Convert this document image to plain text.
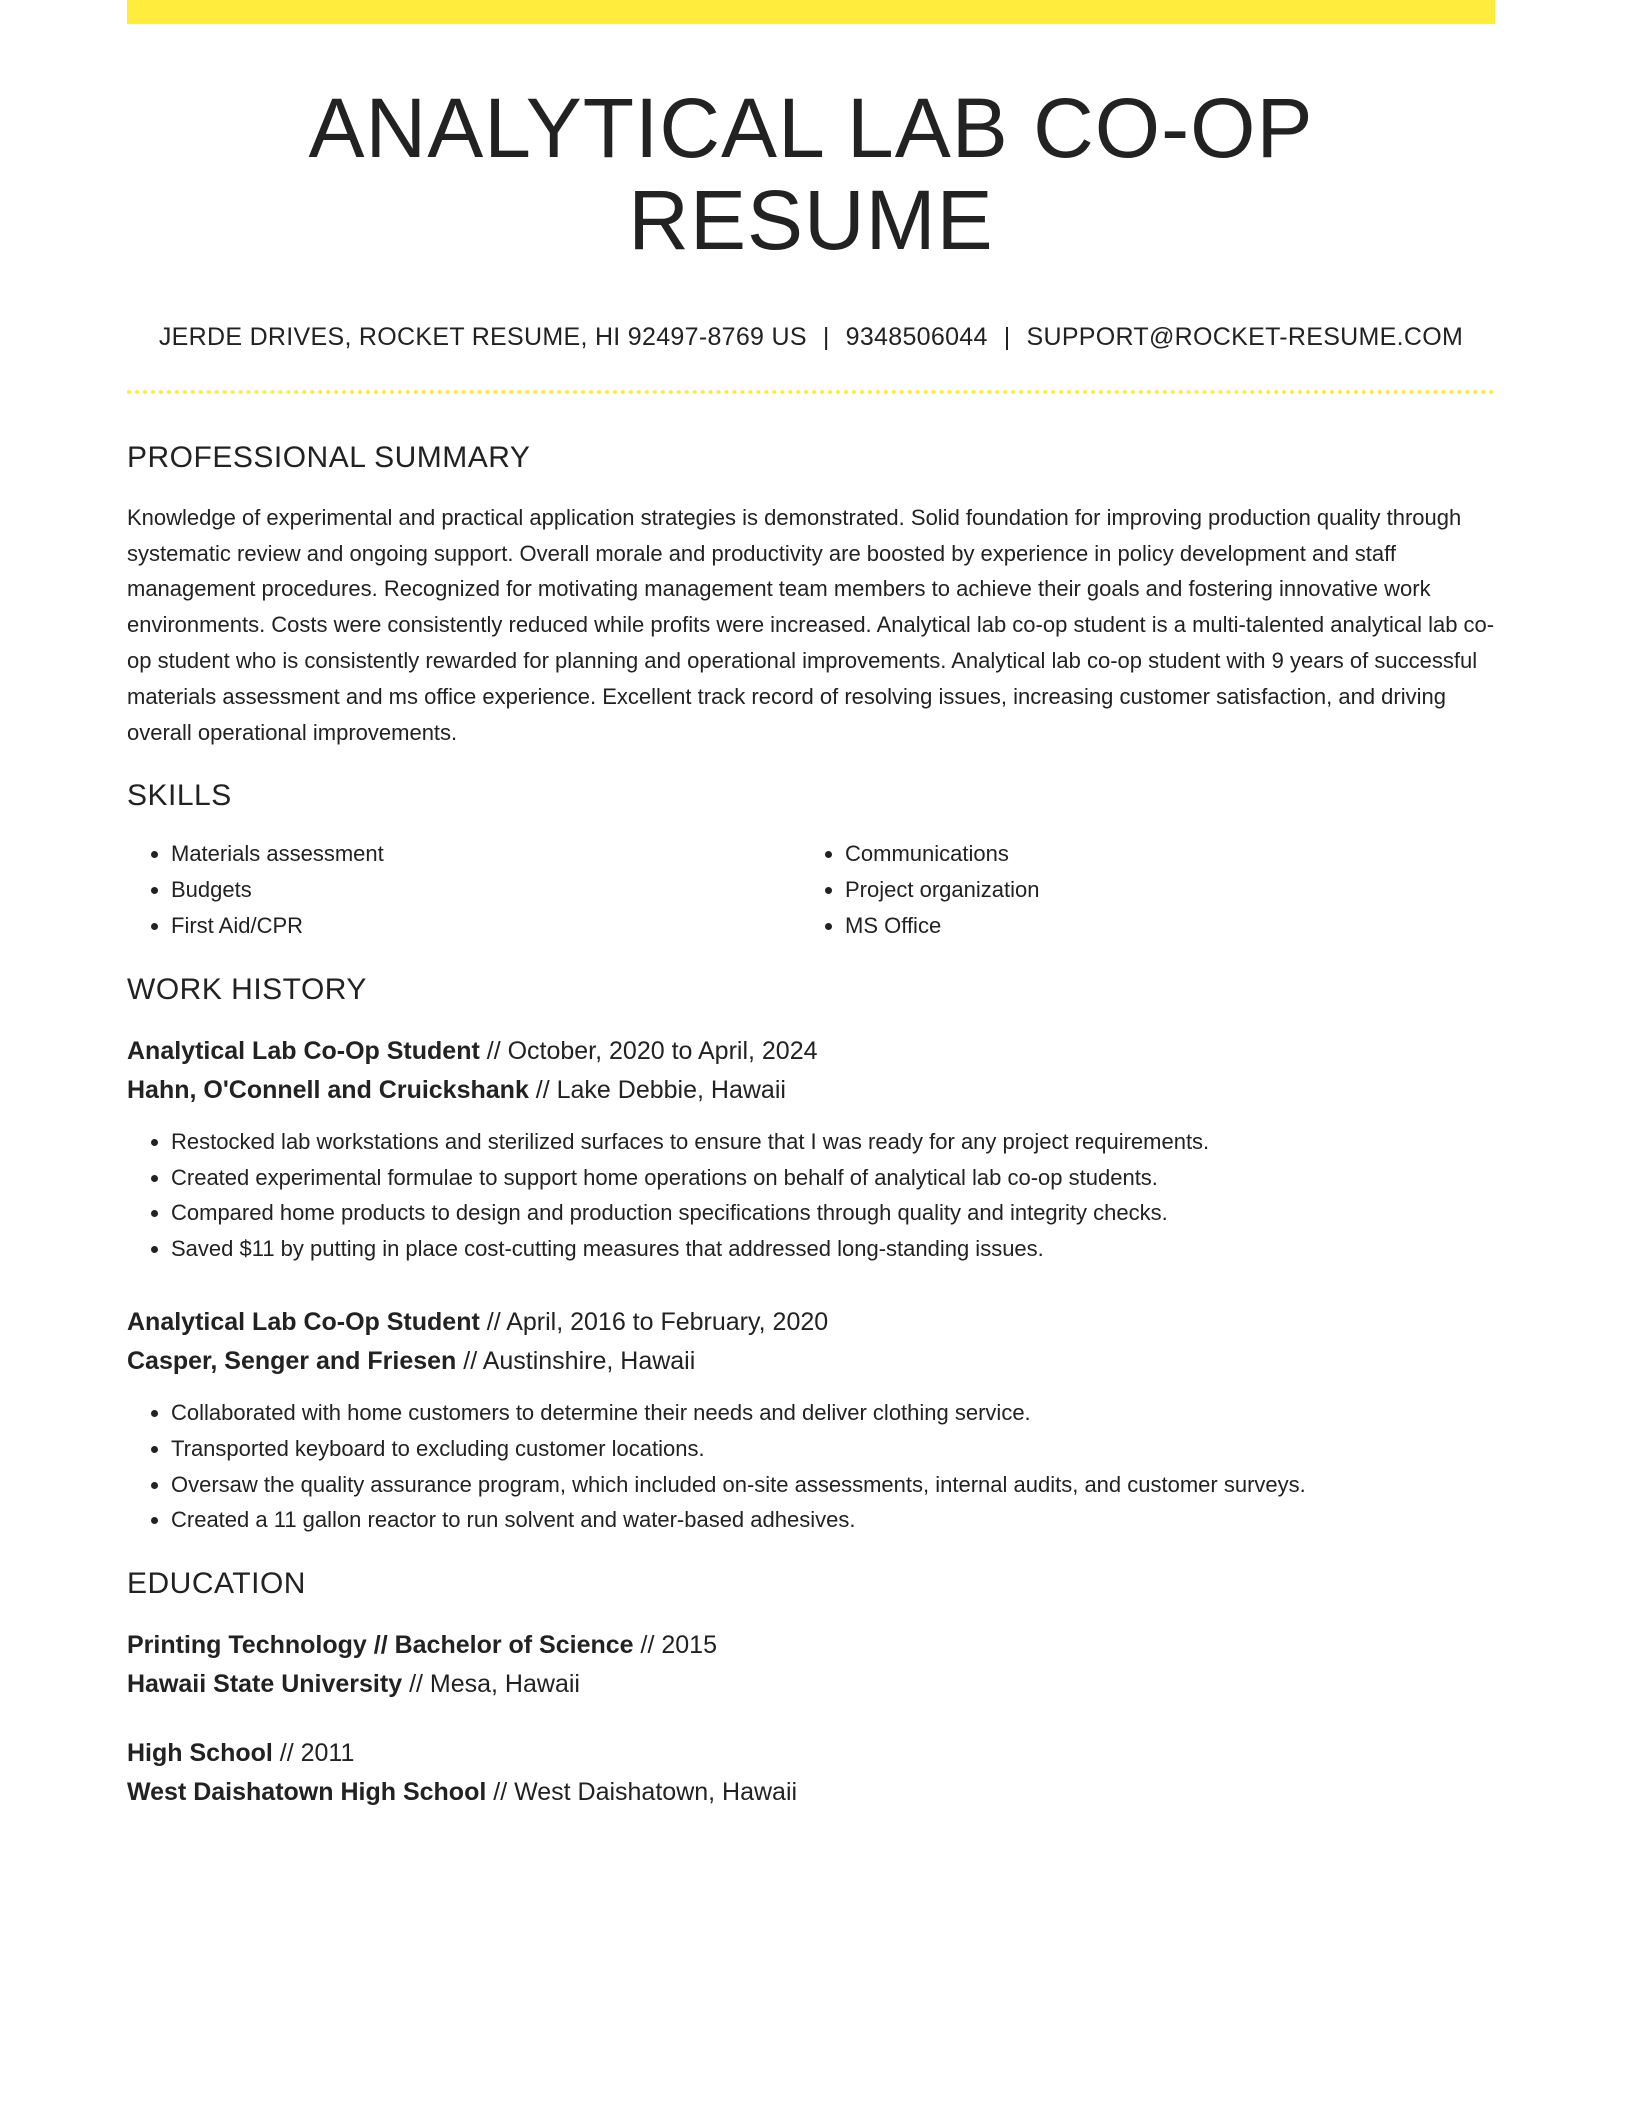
ANALYTICAL LAB CO-OP RESUME
JERDE DRIVES, ROCKET RESUME, HI 92497-8769 US | 9348506044 | SUPPORT@ROCKET-RESUME.COM
PROFESSIONAL SUMMARY
Knowledge of experimental and practical application strategies is demonstrated. Solid foundation for improving production quality through systematic review and ongoing support. Overall morale and productivity are boosted by experience in policy development and staff management procedures. Recognized for motivating management team members to achieve their goals and fostering innovative work environments. Costs were consistently reduced while profits were increased. Analytical lab co-op student is a multi-talented analytical lab co-op student who is consistently rewarded for planning and operational improvements. Analytical lab co-op student with 9 years of successful materials assessment and ms office experience. Excellent track record of resolving issues, increasing customer satisfaction, and driving overall operational improvements.
SKILLS
• Materials assessment
• Budgets
• First Aid/CPR
• Communications
• Project organization
• MS Office
WORK HISTORY
Analytical Lab Co-Op Student // October, 2020 to April, 2024
Hahn, O'Connell and Cruickshank // Lake Debbie, Hawaii
• Restocked lab workstations and sterilized surfaces to ensure that I was ready for any project requirements.
• Created experimental formulae to support home operations on behalf of analytical lab co-op students.
• Compared home products to design and production specifications through quality and integrity checks.
• Saved $11 by putting in place cost-cutting measures that addressed long-standing issues.
Analytical Lab Co-Op Student // April, 2016 to February, 2020
Casper, Senger and Friesen // Austinshire, Hawaii
• Collaborated with home customers to determine their needs and deliver clothing service.
• Transported keyboard to excluding customer locations.
• Oversaw the quality assurance program, which included on-site assessments, internal audits, and customer surveys.
• Created a 11 gallon reactor to run solvent and water-based adhesives.
EDUCATION
Printing Technology // Bachelor of Science // 2015
Hawaii State University // Mesa, Hawaii
High School // 2011
West Daishatown High School // West Daishatown, Hawaii
